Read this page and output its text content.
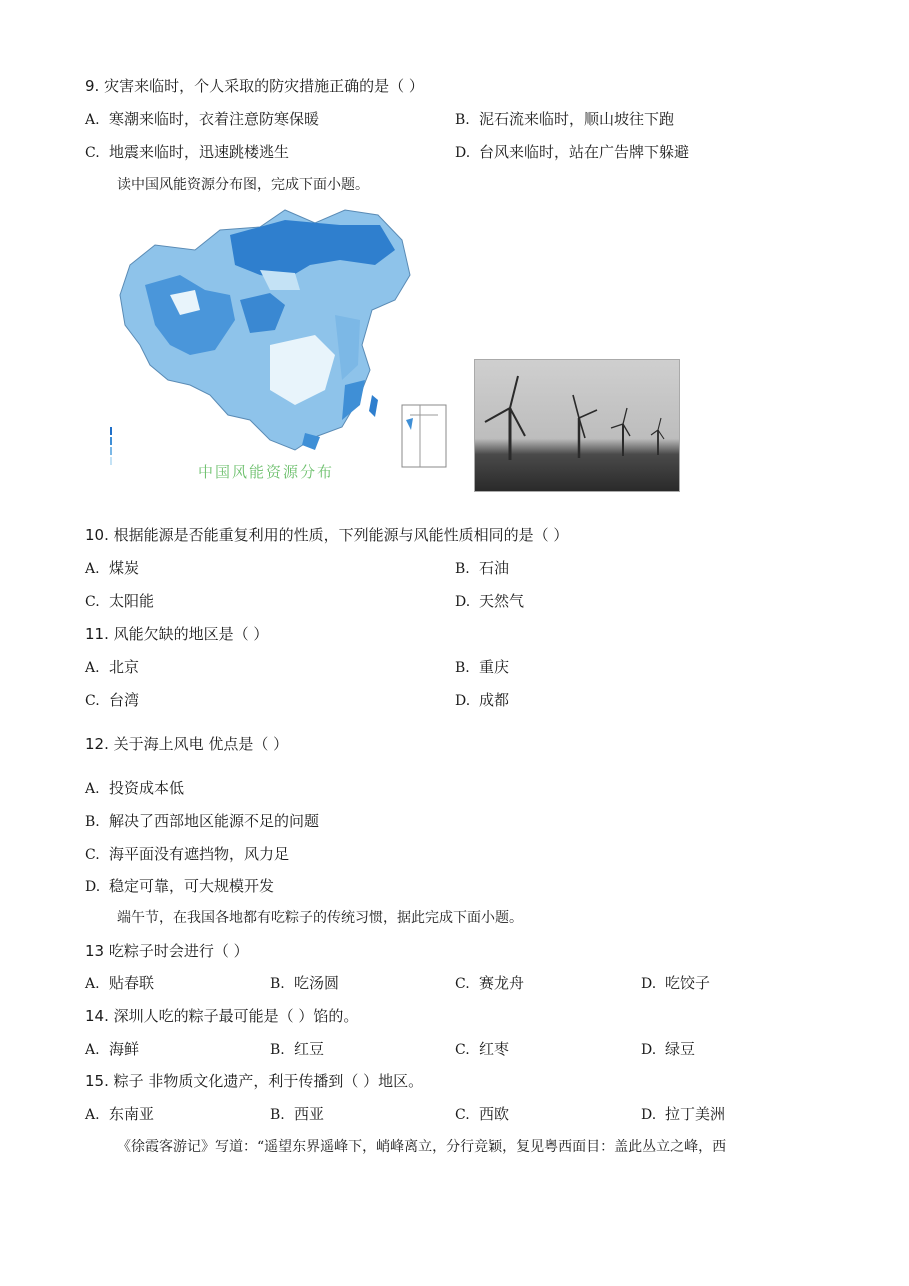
9. 灾害来临时，个人采取的防灾措施正确的是（ ）
A. 寒潮来临时，衣着注意防寒保暖	B. 泥石流来临时，顺山坡往下跑
C. 地震来临时，迅速跳楼逃生	D. 台风来临时，站在广告牌下躲避
读中国风能资源分布图，完成下面小题。
中国风能资源分布
10. 根据能源是否能重复利用的性质，下列能源与风能性质相同的是（ ）
A. 煤炭	B. 石油
C. 太阳能	D. 天然气
11. 风能欠缺的地区是（ ）
A. 北京	B. 重庆
C. 台湾	D. 成都
12. 关于海上风电 优点是（ ）
A. 投资成本低
B. 解决了西部地区能源不足的问题
C. 海平面没有遮挡物，风力足
D. 稳定可靠，可大规模开发
端午节，在我国各地都有吃粽子的传统习惯，据此完成下面小题。
13 吃粽子时会进行（ ）
A. 贴春联	B. 吃汤圆	C. 赛龙舟	D. 吃饺子
14. 深圳人吃的粽子最可能是（ ）馅的。
A. 海鲜	B. 红豆	C. 红枣	D. 绿豆
15. 粽子 非物质文化遗产，利于传播到（ ）地区。
A. 东南亚	B. 西亚	C. 西欧	D. 拉丁美洲
《徐霞客游记》写道：“遥望东界遥峰下，峭峰离立，分行竞颖，复见粤西面目：盖此丛立之峰，西
